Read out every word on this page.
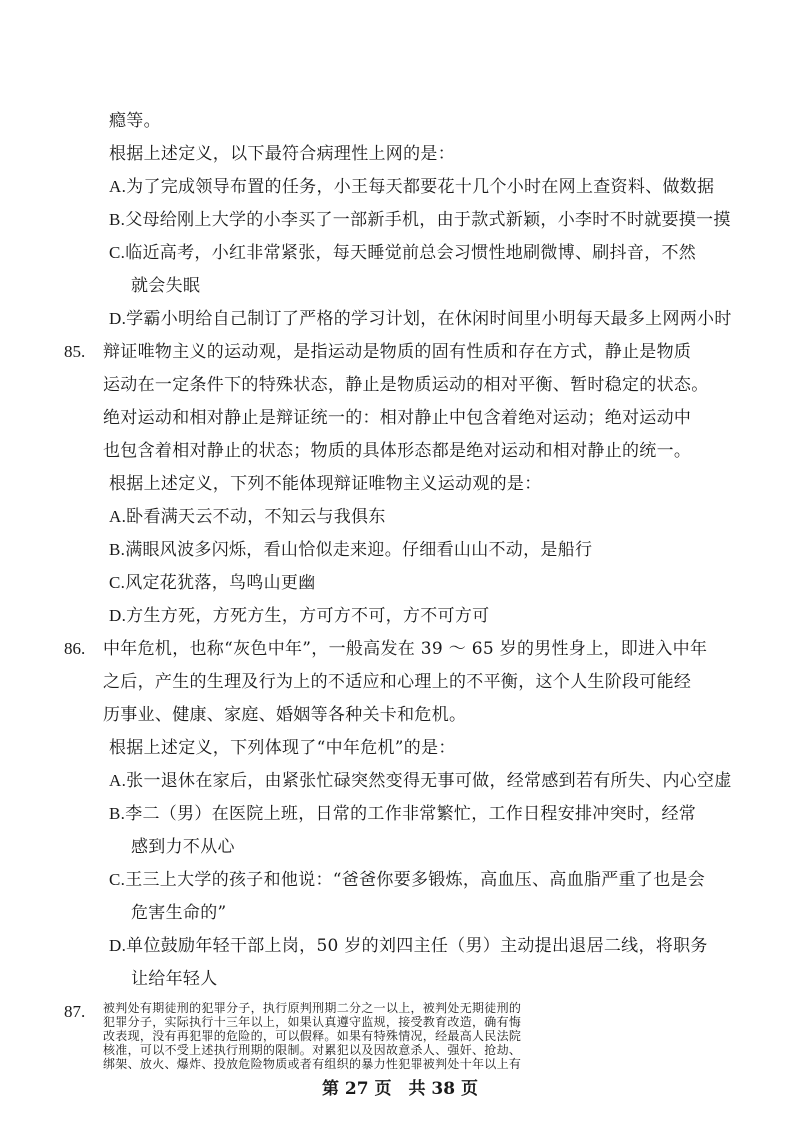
瘾等。
根据上述定义，以下最符合病理性上网的是：
A.为了完成领导布置的任务，小王每天都要花十几个小时在网上查资料、做数据
B.父母给刚上大学的小李买了一部新手机，由于款式新颖，小李时不时就要摸一摸
C.临近高考，小红非常紧张，每天睡觉前总会习惯性地刷微博、刷抖音，不然
就会失眠
D.学霸小明给自己制订了严格的学习计划，在休闲时间里小明每天最多上网两小时
85. 辩证唯物主义的运动观，是指运动是物质的固有性质和存在方式，静止是物质
运动在一定条件下的特殊状态，静止是物质运动的相对平衡、暂时稳定的状态。
绝对运动和相对静止是辩证统一的：相对静止中包含着绝对运动；绝对运动中
也包含着相对静止的状态；物质的具体形态都是绝对运动和相对静止的统一。
根据上述定义，下列不能体现辩证唯物主义运动观的是：
A.卧看满天云不动，不知云与我俱东
B.满眼风波多闪烁，看山恰似走来迎。仔细看山山不动，是船行
C.风定花犹落，鸟鸣山更幽
D.方生方死，方死方生，方可方不可，方不可方可
86. 中年危机，也称“灰色中年”，一般高发在 39 ～ 65 岁的男性身上，即进入中年
之后，产生的生理及行为上的不适应和心理上的不平衡，这个人生阶段可能经
历事业、健康、家庭、婚姻等各种关卡和危机。
根据上述定义，下列体现了“中年危机”的是：
A.张一退休在家后，由紧张忙碌突然变得无事可做，经常感到若有所失、内心空虚
B.李二（男）在医院上班，日常的工作非常繁忙，工作日程安排冲突时，经常
感到力不从心
C.王三上大学的孩子和他说：“爸爸你要多锻炼，高血压、高血脂严重了也是会
危害生命的”
D.单位鼓励年轻干部上岗，50 岁的刘四主任（男）主动提出退居二线，将职务
让给年轻人
87. 被判处有期徒刑的犯罪分子，执行原判刑期二分之一以上，被判处无期徒刑的
犯罪分子，实际执行十三年以上，如果认真遵守监规，接受教育改造，确有悔
改表现，没有再犯罪的危险的，可以假释。如果有特殊情况，经最高人民法院
核准，可以不受上述执行刑期的限制。对累犯以及因故意杀人、强奸、抢劫、
绑架、放火、爆炸、投放危险物质或者有组织的暴力性犯罪被判处十年以上有
第 27 页　共 38 页
